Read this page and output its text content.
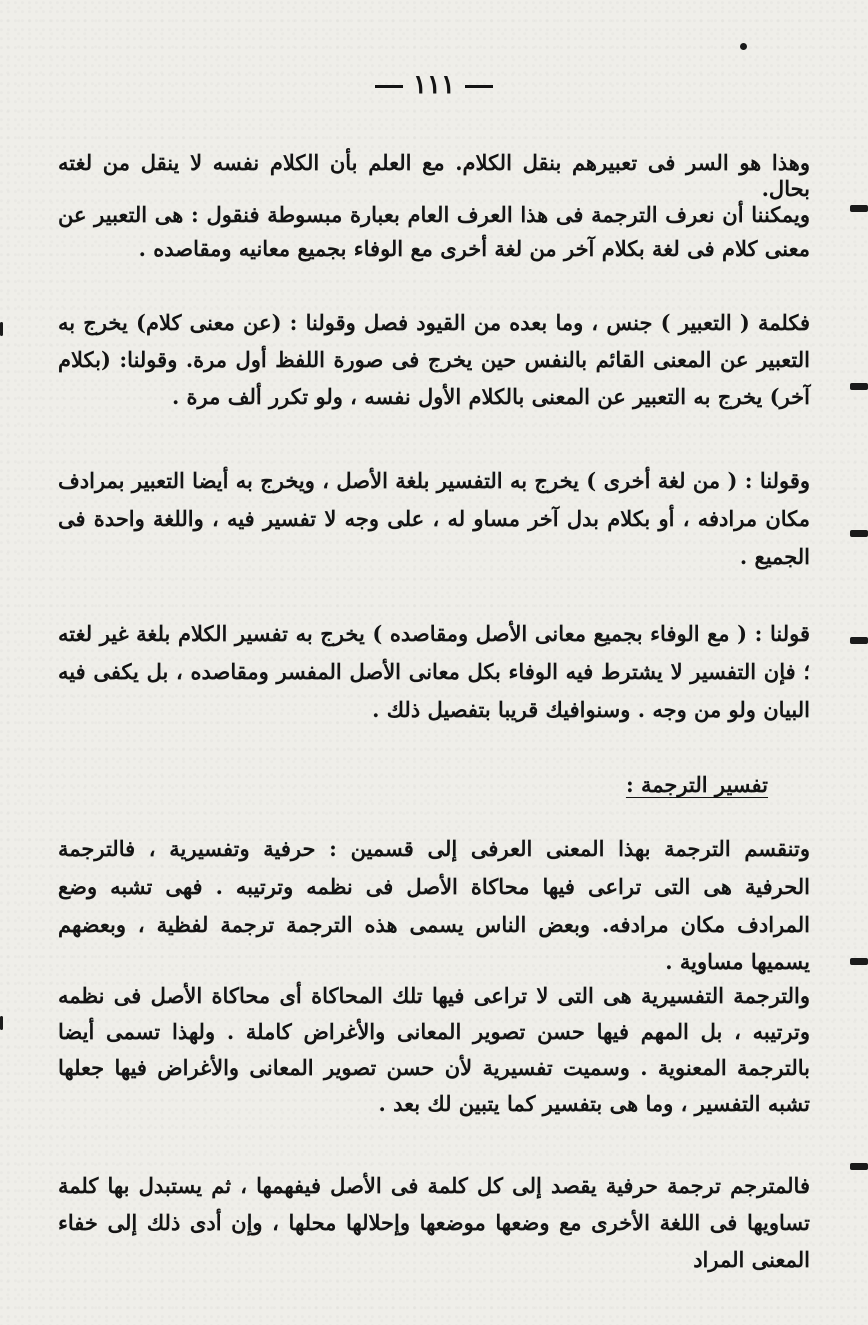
١١١
وهذا هو السر فى تعبيرهم بنقل الكلام. مع العلم بأن الكلام نفسه لا ينقل من لغته بحال.
ويمكننا أن نعرف الترجمة فى هذا العرف العام بعبارة مبسوطة فنقول : هى التعبير عن معنى كلام فى لغة بكلام آخر من لغة أخرى مع الوفاء بجميع معانيه ومقاصده .
فكلمة ( التعبير ) جنس ، وما بعده من القيود فصل وقولنا : (عن معنى كلام) يخرج به التعبير عن المعنى القائم بالنفس حين يخرج فى صورة اللفظ أول مرة. وقولنا: (بكلام آخر) يخرج به التعبير عن المعنى بالكلام الأول نفسه ، ولو تكرر ألف مرة .
وقولنا : ( من لغة أخرى ) يخرج به التفسير بلغة الأصل ، ويخرج به أيضا التعبير بمرادف مكان مرادفه ، أو بكلام بدل آخر مساو له ، على وجه لا تفسير فيه ، واللغة واحدة فى الجميع .
قولنا : ( مع الوفاء بجميع معانى الأصل ومقاصده ) يخرج به تفسير الكلام بلغة غير لغته ؛ فإن التفسير لا يشترط فيه الوفاء بكل معانى الأصل المفسر ومقاصده ، بل يكفى فيه البيان ولو من وجه . وسنوافيك قريبا بتفصيل ذلك .
تفسير الترجمة :
وتنقسم الترجمة بهذا المعنى العرفى إلى قسمين : حرفية وتفسيرية ، فالترجمة الحرفية هى التى تراعى فيها محاكاة الأصل فى نظمه وترتيبه . فهى تشبه وضع المرادف مكان مرادفه. وبعض الناس يسمى هذه الترجمة ترجمة لفظية ، وبعضهم يسميها مساوية .
والترجمة التفسيرية هى التى لا تراعى فيها تلك المحاكاة أى محاكاة الأصل فى نظمه وترتيبه ، بل المهم فيها حسن تصوير المعانى والأغراض كاملة . ولهذا تسمى أيضا بالترجمة المعنوية . وسميت تفسيرية لأن حسن تصوير المعانى والأغراض فيها جعلها تشبه التفسير ، وما هى بتفسير كما يتبين لك بعد .
فالمترجم ترجمة حرفية يقصد إلى كل كلمة فى الأصل فيفهمها ، ثم يستبدل بها كلمة تساويها فى اللغة الأخرى مع وضعها موضعها وإحلالها محلها ، وإن أدى ذلك إلى خفاء المعنى المراد
